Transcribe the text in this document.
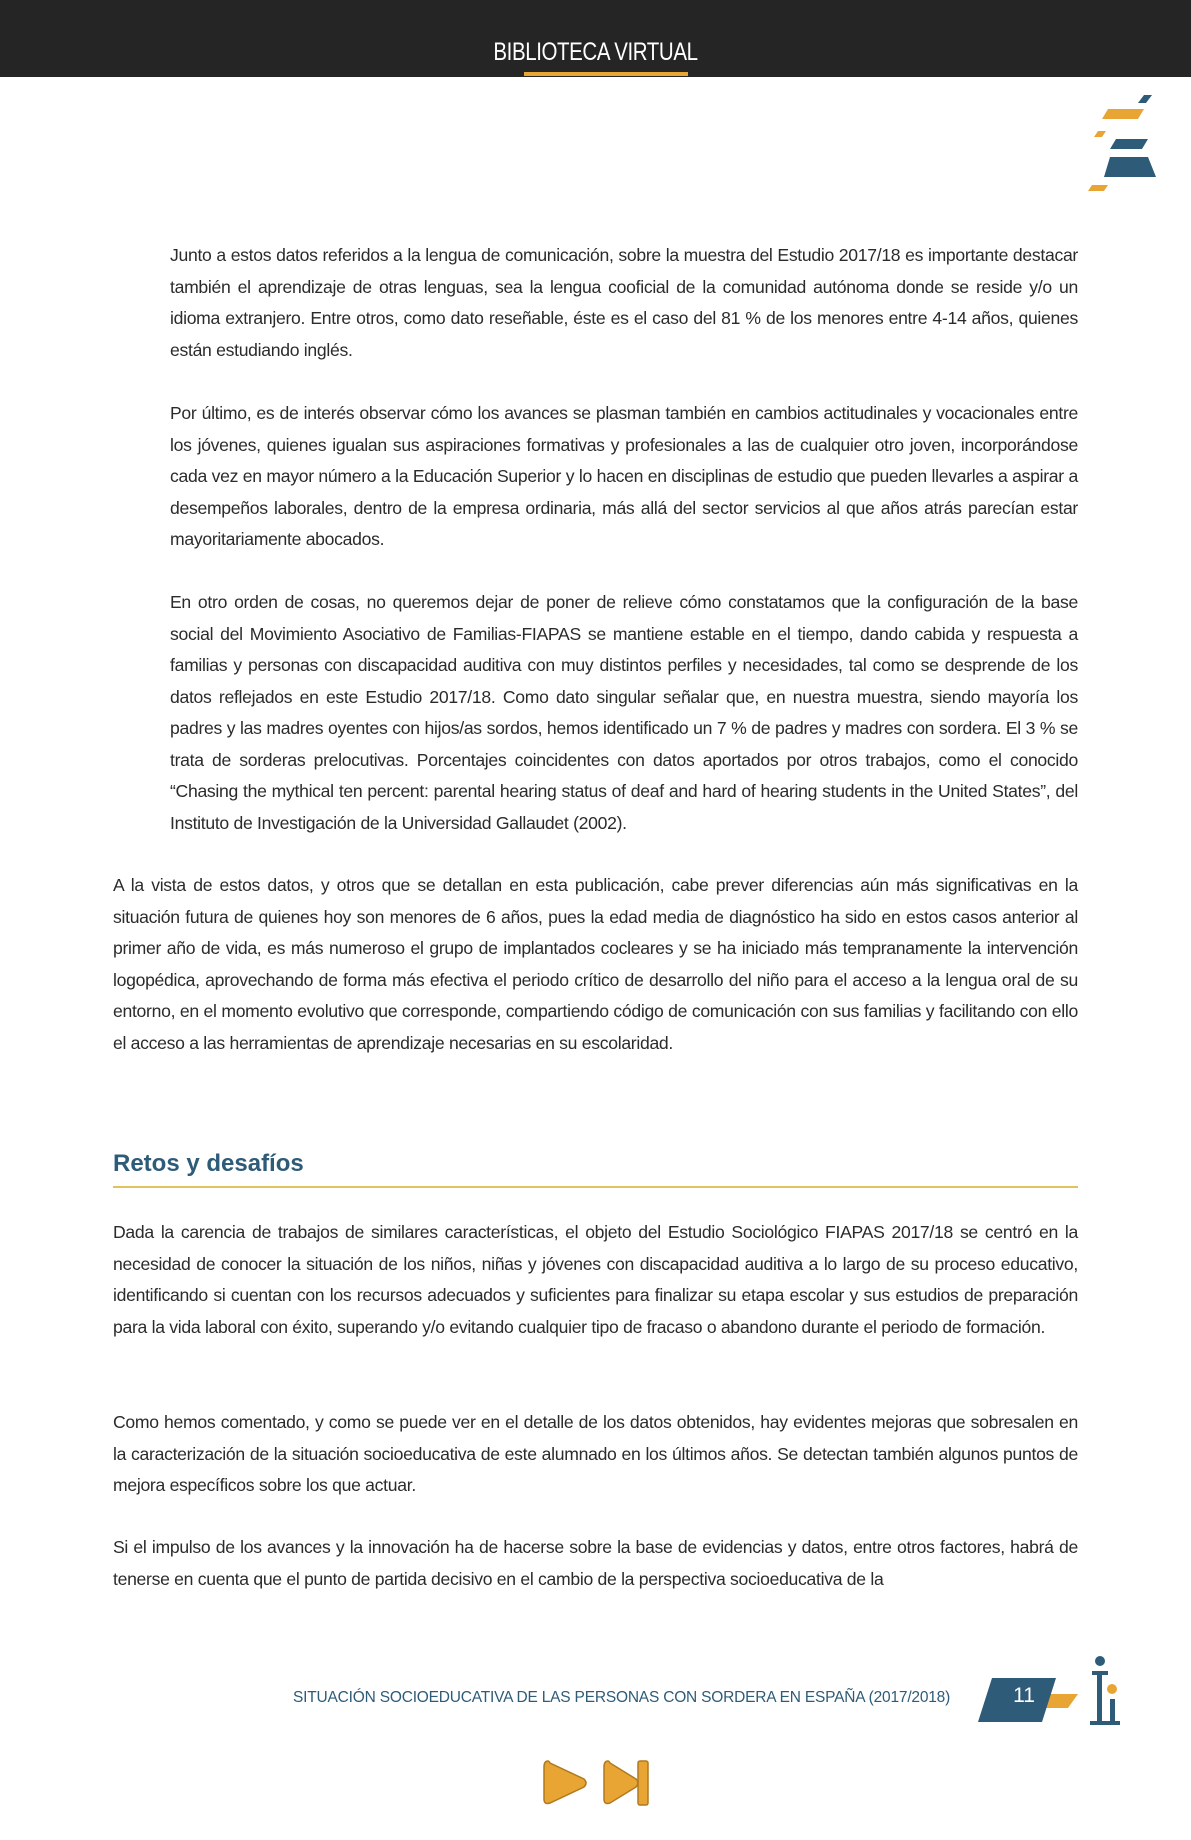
BIBLIOTECA VIRTUAL

Junto a estos datos referidos a la lengua de comunicación, sobre la muestra del Estudio 2017/18 es importante destacar también el aprendizaje de otras lenguas, sea la lengua cooficial de la comunidad autónoma donde se reside y/o un idioma extranjero. Entre otros, como dato reseñable, éste es el caso del 81 % de los menores entre 4-14 años, quienes están estudiando inglés.

Por último, es de interés observar cómo los avances se plasman también en cambios actitudinales y vocacionales entre los jóvenes, quienes igualan sus aspiraciones formativas y profesionales a las de cualquier otro joven, incorporándose cada vez en mayor número a la Educación Superior y lo hacen en disciplinas de estudio que pueden llevarles a aspirar a desempeños laborales, dentro de la empresa ordinaria, más allá del sector servicios al que años atrás parecían estar mayoritariamente abocados.

En otro orden de cosas, no queremos dejar de poner de relieve cómo constatamos que la configuración de la base social del Movimiento Asociativo de Familias-FIAPAS se mantiene estable en el tiempo, dando cabida y respuesta a familias y personas con discapacidad auditiva con muy distintos perfiles y necesidades, tal como se desprende de los datos reflejados en este Estudio 2017/18. Como dato singular señalar que, en nuestra muestra, siendo mayoría los padres y las madres oyentes con hijos/as sordos, hemos identificado un 7 % de padres y madres con sordera. El 3 % se trata de sorderas prelocutivas. Porcentajes coincidentes con datos aportados por otros trabajos, como el conocido “Chasing the mythical ten percent: parental hearing status of deaf and hard of hearing students in the United States”, del Instituto de Investigación de la Universidad Gallaudet (2002).

A la vista de estos datos, y otros que se detallan en esta publicación, cabe prever diferencias aún más significativas en la situación futura de quienes hoy son menores de 6 años, pues la edad media de diagnóstico ha sido en estos casos anterior al primer año de vida, es más numeroso el grupo de implantados cocleares y se ha iniciado más tempranamente la intervención logopédica, aprovechando de forma más efectiva el periodo crítico de desarrollo del niño para el acceso a la lengua oral de su entorno, en el momento evolutivo que corresponde, compartiendo código de comunicación con sus familias y facilitando con ello el acceso a las herramientas de aprendizaje necesarias en su escolaridad.

Retos y desafíos

Dada la carencia de trabajos de similares características, el objeto del Estudio Sociológico FIAPAS 2017/18 se centró en la necesidad de conocer la situación de los niños, niñas y jóvenes con discapacidad auditiva a lo largo de su proceso educativo, identificando si cuentan con los recursos adecuados y suficientes para finalizar su etapa escolar y sus estudios de preparación para la vida laboral con éxito, superando y/o evitando cualquier tipo de fracaso o abandono durante el periodo de formación.

Como hemos comentado, y como se puede ver en el detalle de los datos obtenidos, hay evidentes mejoras que sobresalen en la caracterización de la situación socioeducativa de este alumnado en los últimos años. Se detectan también algunos puntos de mejora específicos sobre los que actuar.

Si el impulso de los avances y la innovación ha de hacerse sobre la base de evidencias y datos, entre otros factores, habrá de tenerse en cuenta que el punto de partida decisivo en el cambio de la perspectiva socioeducativa de la

SITUACIÓN SOCIOEDUCATIVA DE LAS PERSONAS CON SORDERA EN ESPAÑA (2017/2018)	11
